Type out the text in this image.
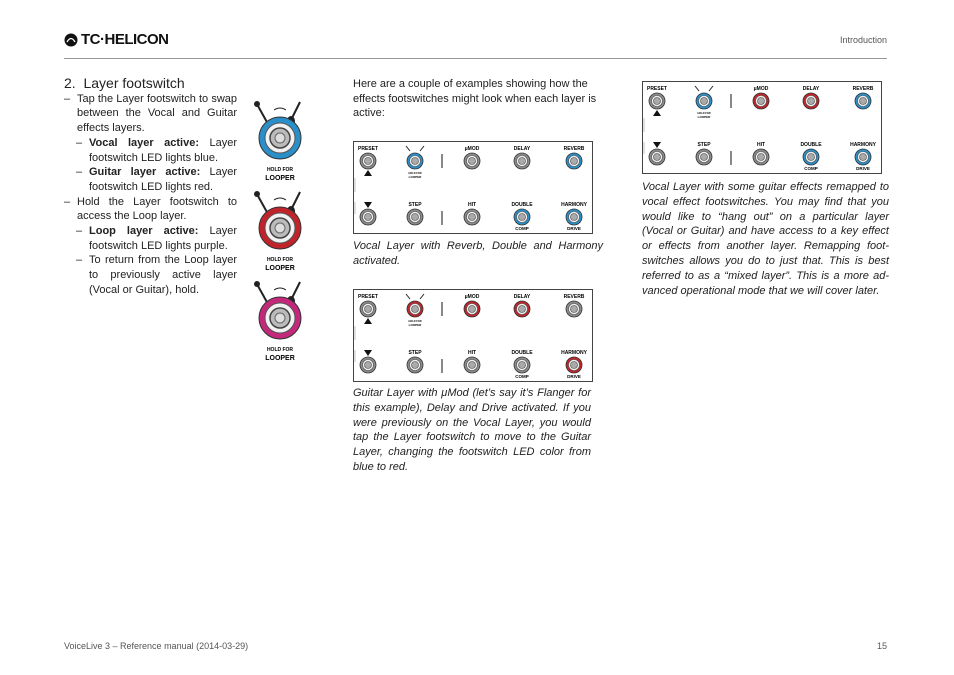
TC·HELICON	Introduction
2.  Layer footswitch
– Tap the Layer footswitch to swap between the Vocal and Guitar effects layers.
– Vocal layer active: Layer footswitch LED lights blue.
– Guitar layer active: Layer footswitch LED lights red.
– Hold the Layer footswitch to access the Loop layer.
– Loop layer active: Layer footswitch LED lights purple.
– To return from the Loop layer to previously active layer (Vocal or Guitar), hold.
HOLD FOR
LOOPER
HOLD FOR
LOOPER
HOLD FOR
LOOPER
Here are a couple of examples showing how the effects footswitches might look when each layer is active:
PRESET	μMOD	DELAY	REVERB
HOLD FOR
LOOPER
STEP	HIT	DOUBLE	HARMONY
COMP	DRIVE
Vocal Layer with Reverb, Double and Harmony activated.
PRESET	μMOD	DELAY	REVERB
HOLD FOR
LOOPER
STEP	HIT	DOUBLE	HARMONY
COMP	DRIVE
Guitar Layer with μMod (let’s say it’s Flanger for this example), Delay and Drive activated. If you were previously on the Vocal Layer, you would tap the Layer footswitch to move to the Guitar Layer, changing the footswitch LED color from blue to red.
PRESET	μMOD	DELAY	REVERB
HOLD FOR
LOOPER
STEP	HIT	DOUBLE	HARMONY
COMP	DRIVE
Vocal Layer with some guitar effects remapped to vocal effect footswitches. You may find that you would like to “hang out” on a particular layer (Vocal or Guitar) and have access to a key effect or effects from another layer. Remapping foot-switches allows you do to just that. This is best referred to as a “mixed layer”. This is a more ad-vanced operational mode that we will cover later.
VoiceLive 3 – Reference manual (2014-03-29)	15
